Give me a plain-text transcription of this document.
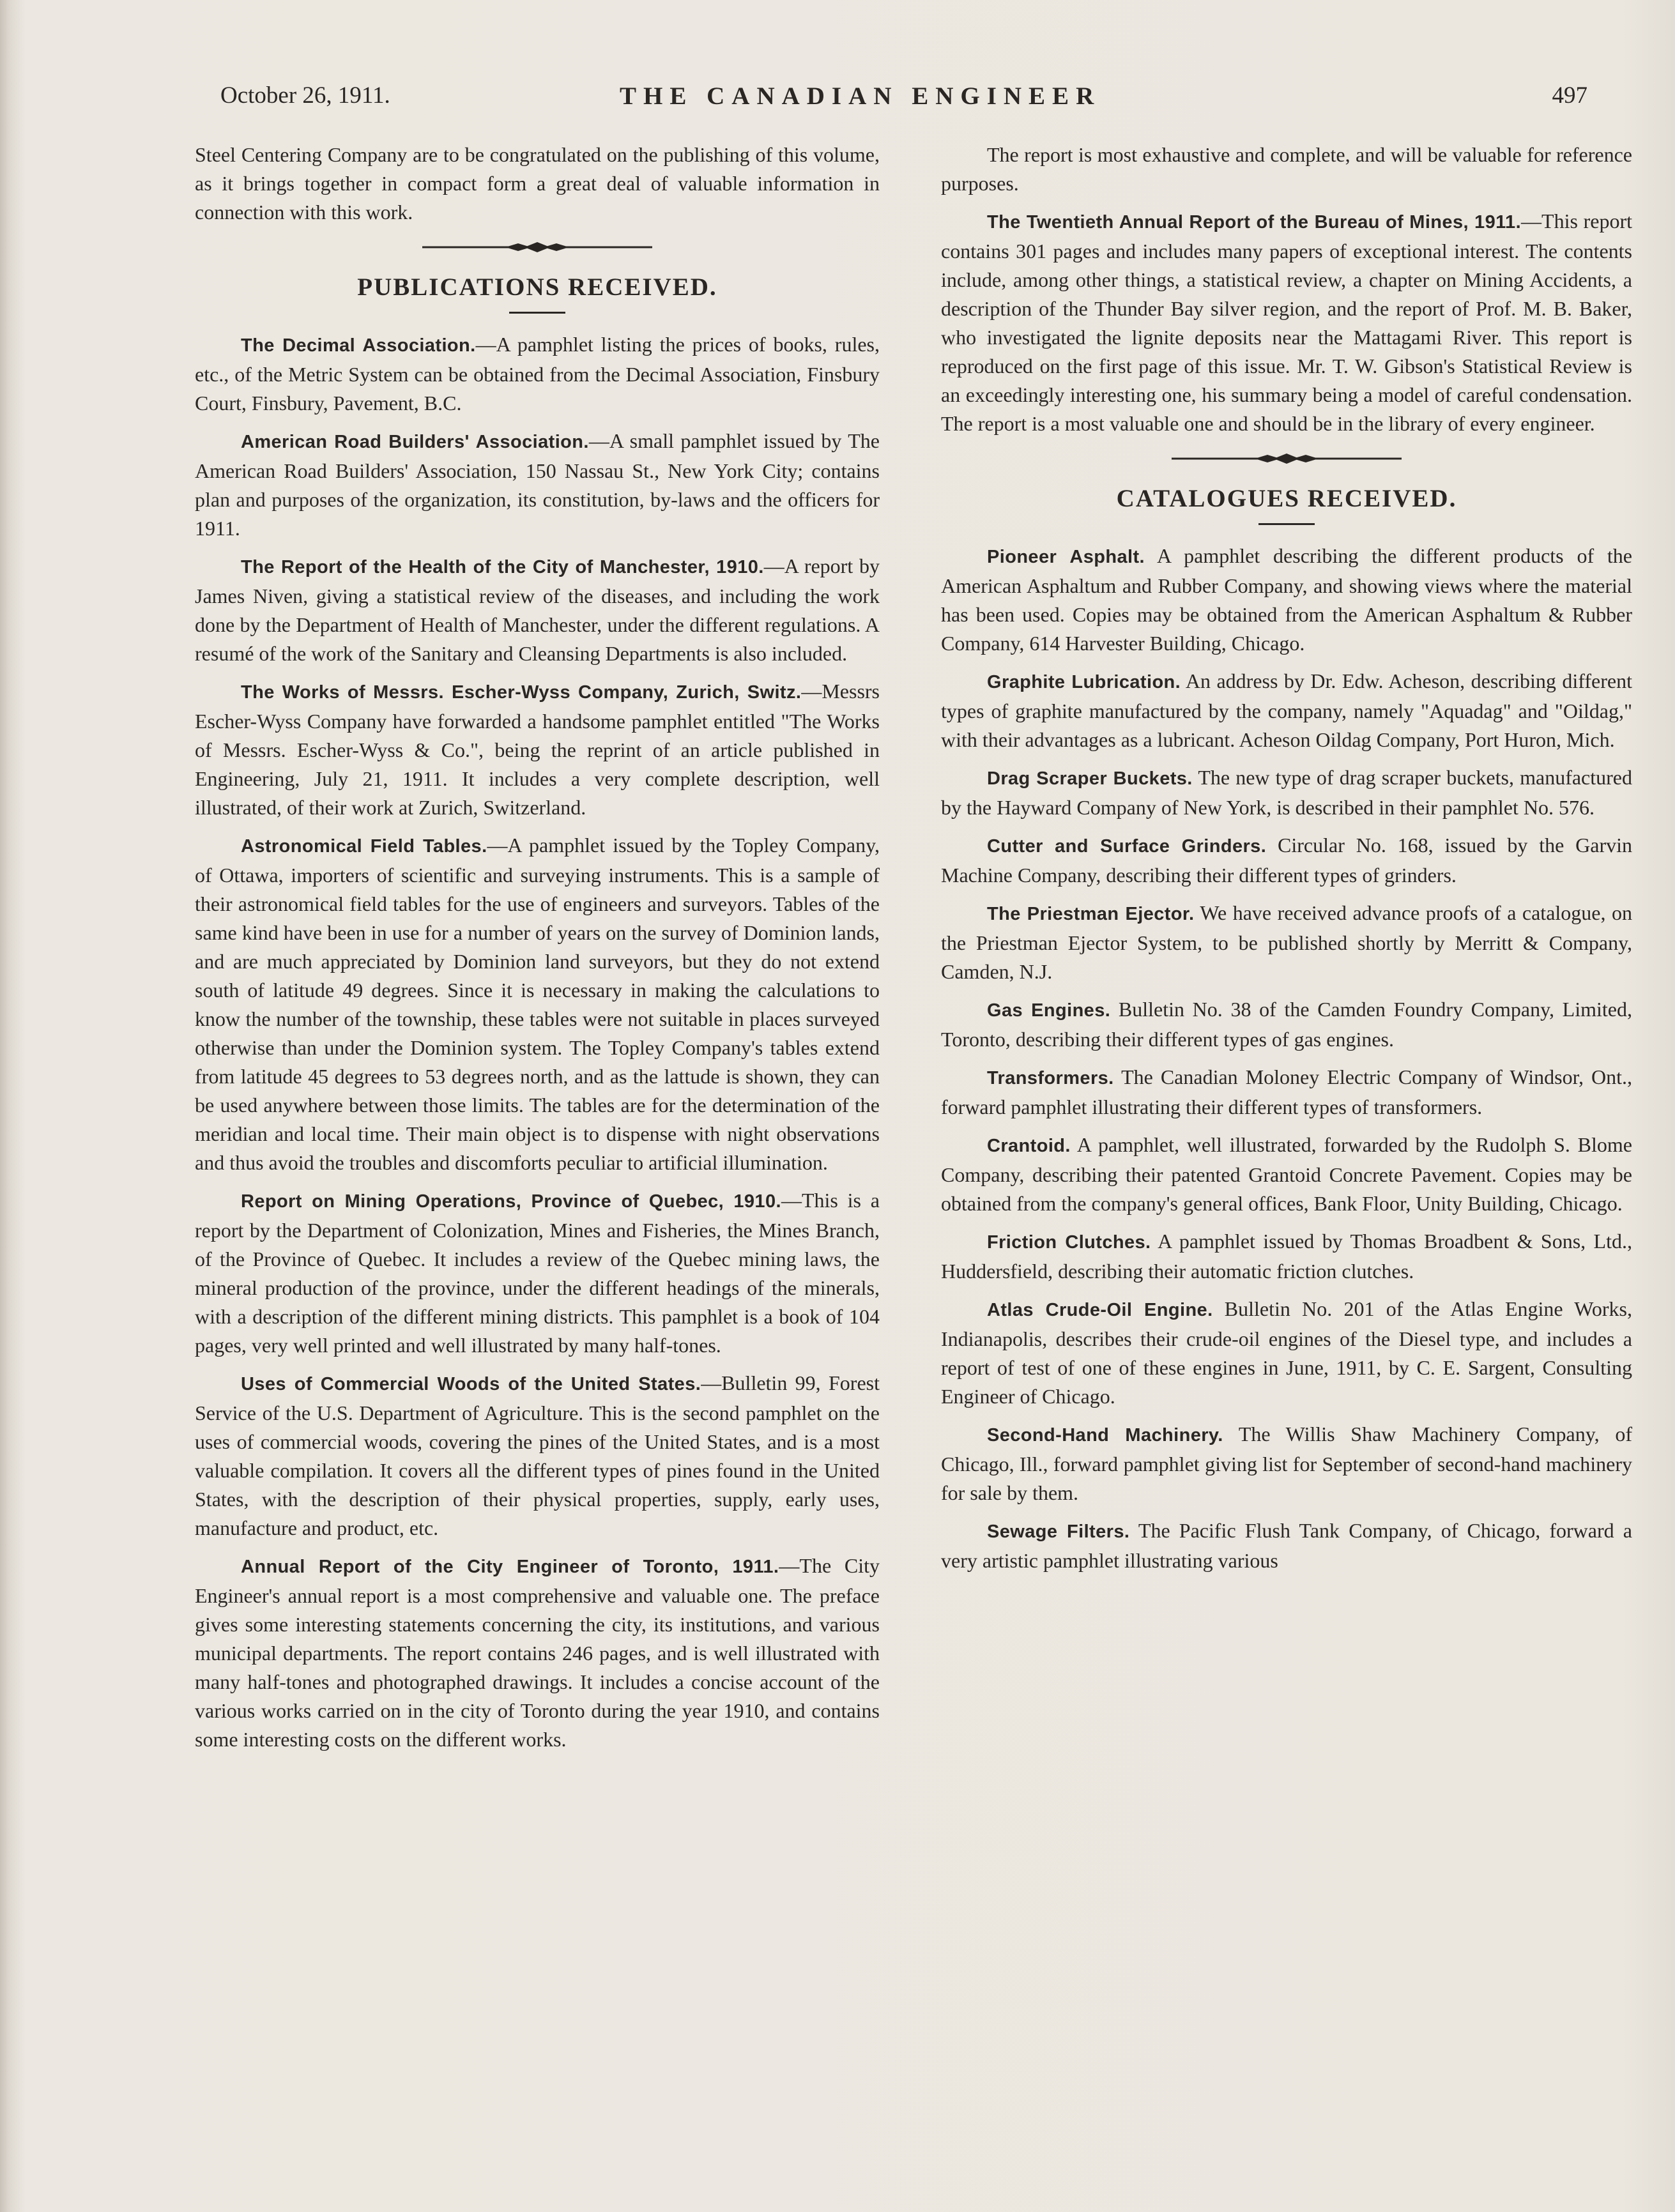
October 26, 1911.	THE CANADIAN ENGINEER	497

Steel Centering Company are to be congratulated on the publishing of this volume, as it brings together in compact form a great deal of valuable information in connection with this work.

PUBLICATIONS RECEIVED.

The Decimal Association.—A pamphlet listing the prices of books, rules, etc., of the Metric System can be obtained from the Decimal Association, Finsbury Court, Finsbury, Pavement, B.C.

American Road Builders' Association.—A small pamphlet issued by The American Road Builders' Association, 150 Nassau St., New York City; contains plan and purposes of the organization, its constitution, by-laws and the officers for 1911.

The Report of the Health of the City of Manchester, 1910.—A report by James Niven, giving a statistical review of the diseases, and including the work done by the Department of Health of Manchester, under the different regulations. A resumé of the work of the Sanitary and Cleansing Departments is also included.

The Works of Messrs. Escher-Wyss Company, Zurich, Switz.—Messrs Escher-Wyss Company have forwarded a handsome pamphlet entitled "The Works of Messrs. Escher-Wyss & Co.", being the reprint of an article published in Engineering, July 21, 1911. It includes a very complete description, well illustrated, of their work at Zurich, Switzerland.

Astronomical Field Tables.—A pamphlet issued by the Topley Company, of Ottawa, importers of scientific and surveying instruments. This is a sample of their astronomical field tables for the use of engineers and surveyors. Tables of the same kind have been in use for a number of years on the survey of Dominion lands, and are much appreciated by Dominion land surveyors, but they do not extend south of latitude 49 degrees. Since it is necessary in making the calculations to know the number of the township, these tables were not suitable in places surveyed otherwise than under the Dominion system. The Topley Company's tables extend from latitude 45 degrees to 53 degrees north, and as the lattude is shown, they can be used anywhere between those limits. The tables are for the determination of the meridian and local time. Their main object is to dispense with night observations and thus avoid the troubles and discomforts peculiar to artificial illumination.

Report on Mining Operations, Province of Quebec, 1910.—This is a report by the Department of Colonization, Mines and Fisheries, the Mines Branch, of the Province of Quebec. It includes a review of the Quebec mining laws, the mineral production of the province, under the different headings of the minerals, with a description of the different mining districts. This pamphlet is a book of 104 pages, very well printed and well illustrated by many half-tones.

Uses of Commercial Woods of the United States.—Bulletin 99, Forest Service of the U.S. Department of Agriculture. This is the second pamphlet on the uses of commercial woods, covering the pines of the United States, and is a most valuable compilation. It covers all the different types of pines found in the United States, with the description of their physical properties, supply, early uses, manufacture and product, etc.

Annual Report of the City Engineer of Toronto, 1911.—The City Engineer's annual report is a most comprehensive and valuable one. The preface gives some interesting statements concerning the city, its institutions, and various municipal departments. The report contains 246 pages, and is well illustrated with many half-tones and photographed drawings. It includes a concise account of the various works carried on in the city of Toronto during the year 1910, and contains some interesting costs on the different works.

The report is most exhaustive and complete, and will be valuable for reference purposes.

The Twentieth Annual Report of the Bureau of Mines, 1911.—This report contains 301 pages and includes many papers of exceptional interest. The contents include, among other things, a statistical review, a chapter on Mining Accidents, a description of the Thunder Bay silver region, and the report of Prof. M. B. Baker, who investigated the lignite deposits near the Mattagami River. This report is reproduced on the first page of this issue. Mr. T. W. Gibson's Statistical Review is an exceedingly interesting one, his summary being a model of careful condensation. The report is a most valuable one and should be in the library of every engineer.

CATALOGUES RECEIVED.

Pioneer Asphalt. A pamphlet describing the different products of the American Asphaltum and Rubber Company, and showing views where the material has been used. Copies may be obtained from the American Asphaltum & Rubber Company, 614 Harvester Building, Chicago.

Graphite Lubrication. An address by Dr. Edw. Acheson, describing different types of graphite manufactured by the company, namely "Aquadag" and "Oildag," with their advantages as a lubricant. Acheson Oildag Company, Port Huron, Mich.

Drag Scraper Buckets. The new type of drag scraper buckets, manufactured by the Hayward Company of New York, is described in their pamphlet No. 576.

Cutter and Surface Grinders. Circular No. 168, issued by the Garvin Machine Company, describing their different types of grinders.

The Priestman Ejector. We have received advance proofs of a catalogue, on the Priestman Ejector System, to be published shortly by Merritt & Company, Camden, N.J.

Gas Engines. Bulletin No. 38 of the Camden Foundry Company, Limited, Toronto, describing their different types of gas engines.

Transformers. The Canadian Moloney Electric Company of Windsor, Ont., forward pamphlet illustrating their different types of transformers.

Crantoid. A pamphlet, well illustrated, forwarded by the Rudolph S. Blome Company, describing their patented Grantoid Concrete Pavement. Copies may be obtained from the company's general offices, Bank Floor, Unity Building, Chicago.

Friction Clutches. A pamphlet issued by Thomas Broadbent & Sons, Ltd., Huddersfield, describing their automatic friction clutches.

Atlas Crude-Oil Engine. Bulletin No. 201 of the Atlas Engine Works, Indianapolis, describes their crude-oil engines of the Diesel type, and includes a report of test of one of these engines in June, 1911, by C. E. Sargent, Consulting Engineer of Chicago.

Second-Hand Machinery. The Willis Shaw Machinery Company, of Chicago, Ill., forward pamphlet giving list for September of second-hand machinery for sale by them.

Sewage Filters. The Pacific Flush Tank Company, of Chicago, forward a very artistic pamphlet illustrating various
